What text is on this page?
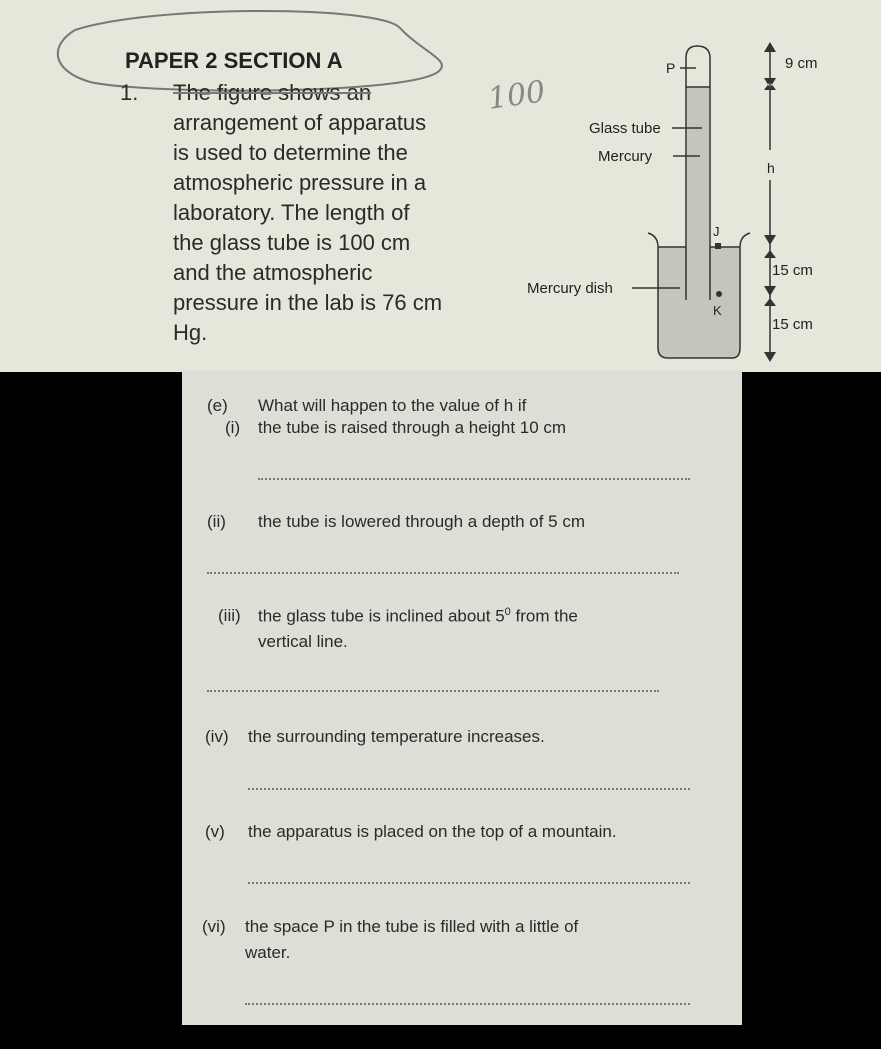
PAPER 2 SECTION A
100
1. The figure shows an
arrangement of apparatus
is used to determine the
atmospheric pressure in a
laboratory. The length of
the glass tube is 100 cm
and the atmospheric
pressure in the lab is 76 cm
Hg.
P
Glass tube
Mercury
Mercury dish
J
K
h
9 cm
15 cm
15 cm
(e) What will happen to the value of h if
(i) the tube is raised through a height 10 cm
(ii) the tube is lowered through a depth of 5 cm
(iii) the glass tube is inclined about $5^0$ from the
vertical line.
(iv) the surrounding temperature increases.
(v) the apparatus is placed on the top of a mountain.
(vi) the space P in the tube is filled with a little of
water.
